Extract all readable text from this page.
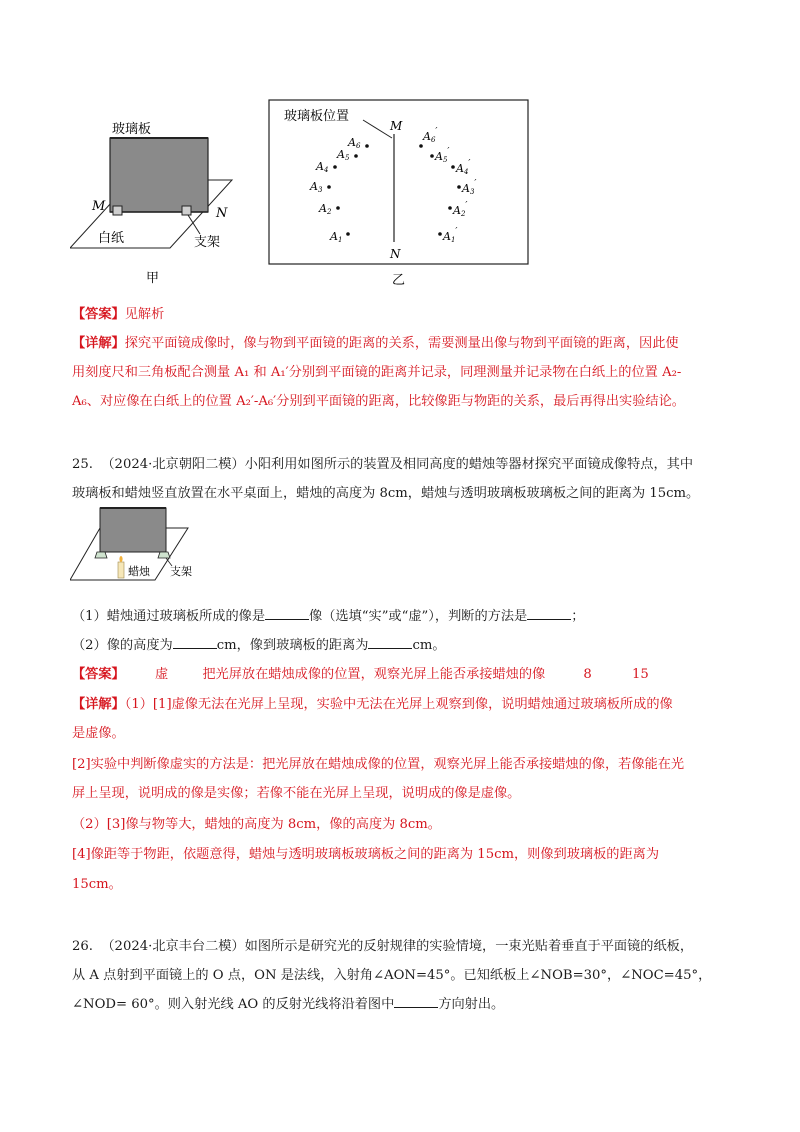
玻璃板
M	N
白纸	支架
甲
玻璃板位置
M
N
乙
A6
A5
A4
A3
A2
A1
A6′
A5′
A4′
A3′
A2′
A1′
【答案】见解析
【详解】探究平面镜成像时，像与物到平面镜的距离的关系，需要测量出像与物到平面镜的距离，因此使
用刻度尺和三角板配合测量 A₁ 和 A₁′分别到平面镜的距离并记录，同理测量并记录物在白纸上的位置 A₂-
A₆、对应像在白纸上的位置 A₂′-A₆′分别到平面镜的距离，比较像距与物距的关系，最后再得出实验结论。
25. （2024·北京朝阳二模）小阳利用如图所示的装置及相同高度的蜡烛等器材探究平面镜成像特点，其中
玻璃板和蜡烛竖直放置在水平桌面上，蜡烛的高度为 8cm，蜡烛与透明玻璃板玻璃板之间的距离为 15cm。
蜡烛 支架
（1）蜡烛通过玻璃板所成的像是	像（选填“实”或“虚”），判断的方法是	；
（2）像的高度为	cm，像到玻璃板的距离为	cm。
【答案】 虚	把光屏放在蜡烛成像的位置，观察光屏上能否承接蜡烛的像	8	15
【详解】（1）[1]虚像无法在光屏上呈现，实验中无法在光屏上观察到像，说明蜡烛通过玻璃板所成的像
是虚像。
[2]实验中判断像虚实的方法是：把光屏放在蜡烛成像的位置，观察光屏上能否承接蜡烛的像，若像能在光
屏上呈现，说明成的像是实像；若像不能在光屏上呈现，说明成的像是虚像。
（2）[3]像与物等大，蜡烛的高度为 8cm，像的高度为 8cm。
[4]像距等于物距，依题意得，蜡烛与透明玻璃板玻璃板之间的距离为 15cm，则像到玻璃板的距离为
15cm。
26. （2024·北京丰台二模）如图所示是研究光的反射规律的实验情境，一束光贴着垂直于平面镜的纸板，
从 A 点射到平面镜上的 O 点，ON 是法线，入射角∠AON=45°。已知纸板上∠NOB=30°，∠NOC=45°，
∠NOD= 60°。则入射光线 AO 的反射光线将沿着图中	方向射出。
